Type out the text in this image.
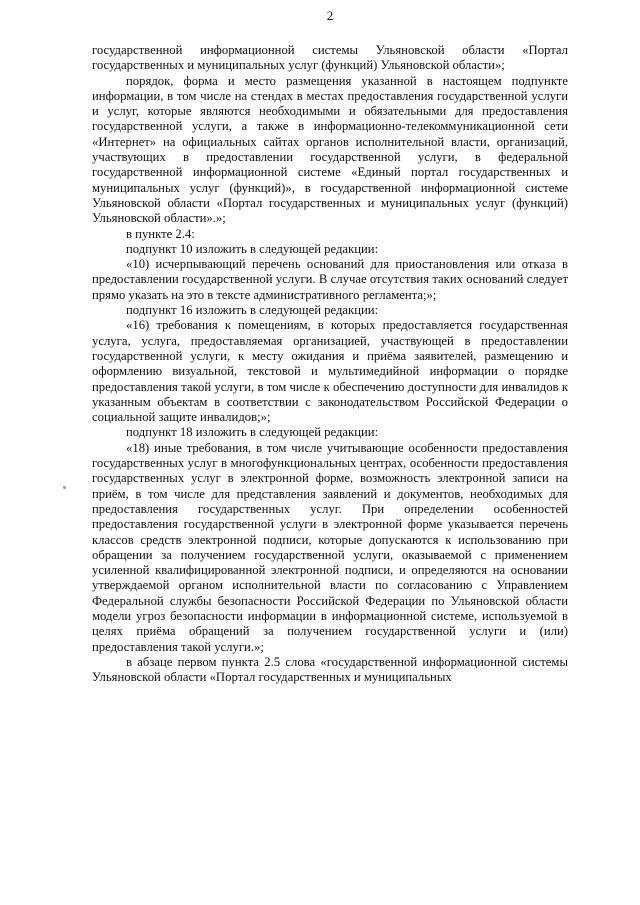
2

государственной информационной системы Ульяновской области «Портал государственных и муниципальных услуг (функций) Ульяновской области»;

порядок, форма и место размещения указанной в настоящем подпункте информации, в том числе на стендах в местах предоставления государственной услуги и услуг, которые являются необходимыми и обязательными для предоставления государственной услуги, а также в информационно-телекоммуникационной сети «Интернет» на официальных сайтах органов исполнительной власти, организаций, участвующих в предоставлении государственной услуги, в федеральной государственной информационной системе «Единый портал государственных и муниципальных услуг (функций)», в государственной информационной системе Ульяновской области «Портал государственных и муниципальных услуг (функций) Ульяновской области».»;

в пункте 2.4:

подпункт 10 изложить в следующей редакции:

«10) исчерпывающий перечень оснований для приостановления или отказа в предоставлении государственной услуги. В случае отсутствия таких оснований следует прямо указать на это в тексте административного регламента;»;

подпункт 16 изложить в следующей редакции:

«16) требования к помещениям, в которых предоставляется государственная услуга, услуга, предоставляемая организацией, участвующей в предоставлении государственной услуги, к месту ожидания и приёма заявителей, размещению и оформлению визуальной, текстовой и мультимедийной информации о порядке предоставления такой услуги, в том числе к обеспечению доступности для инвалидов к указанным объектам в соответствии с законодательством Российской Федерации о социальной защите инвалидов;»;

подпункт 18 изложить в следующей редакции:

«18) иные требования, в том числе учитывающие особенности предоставления государственных услуг в многофункциональных центрах, особенности предоставления государственных услуг в электронной форме, возможность электронной записи на приём, в том числе для представления заявлений и документов, необходимых для предоставления государственных услуг. При определении особенностей предоставления государственной услуги в электронной форме указывается перечень классов средств электронной подписи, которые допускаются к использованию при обращении за получением государственной услуги, оказываемой с применением усиленной квалифицированной электронной подписи, и определяются на основании утверждаемой органом исполнительной власти по согласованию с Управлением Федеральной службы безопасности Российской Федерации по Ульяновской области модели угроз безопасности информации в информационной системе, используемой в целях приёма обращений за получением государственной услуги и (или) предоставления такой услуги.»;

в абзаце первом пункта 2.5 слова «государственной информационной системы Ульяновской области «Портал государственных и муниципальных
